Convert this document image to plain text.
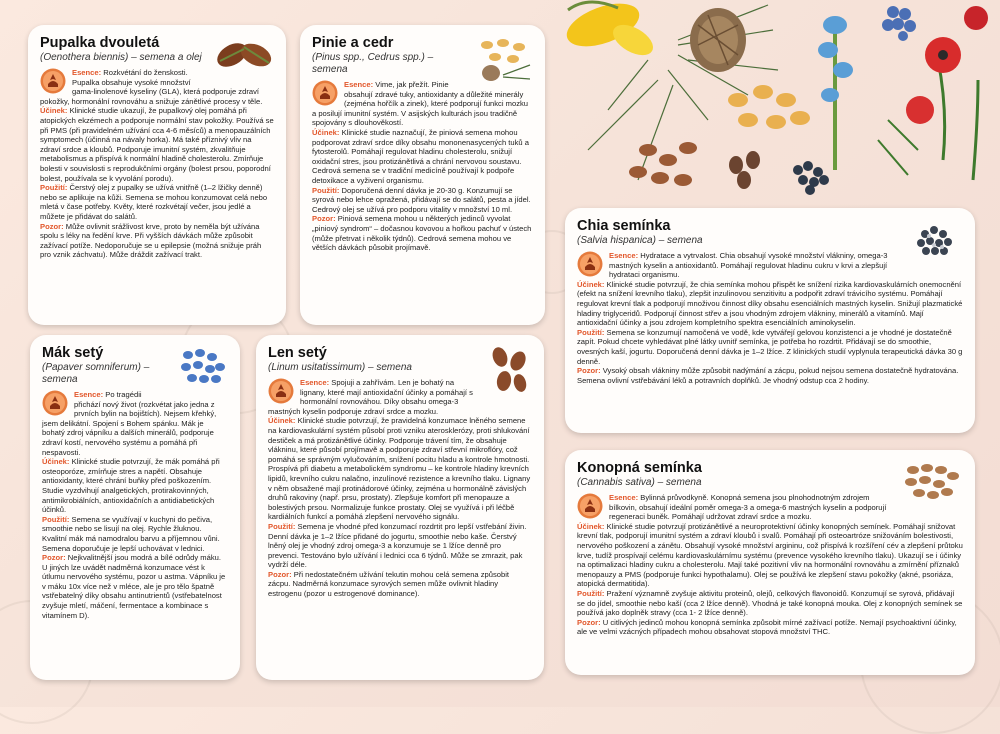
Pupalka dvouletá
(Oenothera biennis) – semena a olej

Esence: Rozkvétání do ženskosti. Pupalka obsahuje vysoké množství gama-linolenové kyseliny (GLA), která podporuje zdraví pokožky, hormonální rovnováhu a snižuje zánětlivé procesy v těle.

Účinek: Klinické studie ukazují, že pupalkový olej pomáhá při atopických ekzémech a podporuje normální stav pokožky. Používá se při PMS (při pravidelném užívání cca 4-6 měsíců) a menopauzálních symptomech (účinná na návaly horka). Má také příznivý vliv na zdraví srdce a kloubů. Podporuje imunitní systém, zkvalitňuje metabolismus a přispívá k normální hladině cholesterolu. Zmírňuje bolesti v souvislosti s reprodukčními orgány (bolest prsou, poporodní bolest, používala se k vyvolání porodu).

Použití: Čerstvý olej z pupalky se užívá vnitřně (1–2 lžičky denně) nebo se aplikuje na kůži. Semena se mohou konzumovat celá nebo mletá v čase potřeby. Květy, které rozkvétají večer, jsou jedlé a můžete je přidávat do salátů.

Pozor: Může ovlivnit srážlivost krve, proto by neměla být užívána spolu s léky na ředění krve. Při vyšších dávkách může způsobit zažívací potíže. Nedoporučuje se u epilepsie (možná snižuje práh pro vznik záchvatu). Může dráždit zažívací trakt.

Pinie a cedr
(Pinus spp., Cedrus spp.) – semena

Esence: Vime, jak přežít. Pinie obsahují zdravé tuky, antioxidanty a důležité minerály (zejména hořčík a zinek), které podporují funkci mozku a posilují imunitní systém. V asijských kulturách jsou tradičně spojovány s dlouhověkostí.

Účinek: Klinické studie naznačují, že piniová semena mohou podporovat zdraví srdce díky obsahu mononenasycených tuků a fytosterolů. Pomáhají regulovat hladinu cholesterolu, snižují oxidační stres, jsou protizánětlivá a chrání nervovou soustavu. Cedrová semena se v tradiční medicíně používají k podpoře detoxikace a vyživení organismu.

Použití: Doporučená denní dávka je 20-30 g. Konzumují se syrová nebo lehce opražená, přidávají se do salátů, pesta a jídel. Cedrový olej se užívá pro podporu vitality v množství 10 ml.

Pozor: Piniová semena mohou u některých jedinců vyvolat „piniový syndrom“ – dočasnou kovovou a hořkou pachuť v ústech (může přetrvat i několik týdnů). Cedrová semena mohou ve větších dávkách působit projímavě.

Chia semínka
(Salvia hispanica) – semena

Esence: Hydratace a vytrvalost. Chia obsahují vysoké množství vlákniny, omega-3 mastných kyselin a antioxidantů. Pomáhají regulovat hladinu cukru v krvi a zlepšují hydrataci organismu.

Účinek: Klinické studie potvrzují, že chia semínka mohou přispět ke snížení rizika kardiovaskulárních onemocnění (efekt na snížení krevního tlaku), zlepšit inzulinovou senzitivitu a podpořit zdraví trávicího systému. Pomáhají regulovat krevní tlak a podporují množivou činnost díky obsahu esenciálních mastných kyselin. Snižují plazmatické hladiny triglyceridů. Podporují činnost střev a jsou vhodným zdrojem vlákniny, minerálů a vitamínů. Mají antioxidační účinky a jsou zdrojem kompletního spektra esenciálních aminokyselin.

Použití: Semena se konzumují namočená ve vodě, kde vytvářejí gelovou konzistenci a je vhodné je dostatečně zapít. Pokud chcete vyhledávat plné látky uvnitř semínka, je potřeba ho rozdrtit. Přidávají se do smoothie, ovesných kaší, jogurtu. Doporučená denní dávka je 1–2 lžíce. Z klinických studií vyplynula terapeutická dávka 30 g denně.

Pozor: Vysoký obsah vlákniny může způsobit nadýmání a zácpu, pokud nejsou semena dostatečně hydratována. Semena ovlivní vstřebávání léků a potravních doplňků. Je vhodný odstup cca 2 hodiny.

Mák setý
(Papaver somniferum) – semena

Esence: Po tragédii přichází nový život (rozkvétat jako jedna z prvních bylin na bojištích). Nejsem křehký, jsem delikátní. Spojení s Bohem spánku. Mák je bohatý zdroj vápníku a dalších minerálů, podporuje zdraví kostí, nervového systému a pomáhá při nespavosti.

Účinek: Klinické studie potvrzují, že mák pomáhá při osteoporóze, zmírňuje stres a napětí. Obsahuje antioxidanty, které chrání buňky před poškozením. Studie vyzdvihují analgetických, protirakovinných, antimikrobiálních, antioxidačních a antidiabetických účinků.

Použití: Semena se využívají v kuchyni do pečiva, smoothie nebo se lisují na olej. Rychle žluknou. Kvalitní mák má namodralou barvu a příjemnou vůni. Semena doporučuje je lepší uchovávat v lednici.

Pozor: Nejkvalitnější jsou modrá a bílé odrůdy máku. U jiných lze uvádět nadměrná konzumace vést k útlumu nervového systému, pozor u astma. Vápníku je v máku 10x více než v mléce, ale je pro tělo špatně vstřebatelný díky obsahu antinutrientů (vstřebatelnost zvyšuje mletí, máčení, fermentace a kombinace s vitamínem D).

Len setý
(Linum usitatissimum) – semena

Esence: Spojuji a zahřívám. Len je bohatý na lignany, které mají antioxidační účinky a pomáhají s hormonální rovnováhou. Díky obsahu omega-3 mastných kyselin podporuje zdraví srdce a mozku.

Účinek: Klinické studie potvrzují, že pravidelná konzumace lněného semene na kardiovaskulární systém působí proti vzniku aterosklerózy, proti shlukování destiček a má protizánětlivé účinky. Podporuje trávení tím, že obsahuje vlákninu, které působí projímavě a podporuje zdraví střevní mikroflóry, což pomáhá se správným vylučováním, snížení pocitu hladu a kontrole hmotnosti. Prospívá při diabetu a metabolickém syndromu – ke kontrole hladiny krevních lipidů, krevního cukru nalačno, inzulínové rezistence a krevního tlaku. Lignany v něm obsažené mají protinádorové účinky, zejména u hormonálně závislých druhů rakoviny (např. prsu, prostaty). Zlepšuje komfort při menopauze a bolestivých prsou. Normalizuje funkce prostaty. Olej se využívá i při léčbě kardiálních funkcí a pomáhá zlepšení nervového signálu.

Použití: Semena je vhodné před konzumací rozdrtit pro lepší vstřebání živin. Denní dávka je 1–2 lžíce přidané do jogurtu, smoothie nebo kaše. Čerstvý lněný olej je vhodný zdroj omega-3 a konzumuje se 1 lžíce denně pro prevenci. Testováno bylo užívání i lednici cca 6 týdnů. Může se zmrazit, pak vydrží déle.

Pozor: Při nedostatečném užívání tekutin mohou celá semena způsobit zácpu. Nadměrná konzumace syrových semen může ovlivnit hladiny estrogenu (pozor u estrogenové dominance).

Konopná semínka
(Cannabis sativa) – semena

Esence: Bylinná průvodkyně. Konopná semena jsou plnohodnotným zdrojem bílkovin, obsahují ideální poměr omega-3 a omega-6 mastných kyselin a podporují regeneraci buněk. Pomáhají udržovat zdraví srdce a mozku.

Účinek: Klinické studie potvrzují protizánětlivé a neuroprotektivní účinky konopných semínek. Pomáhají snižovat krevní tlak, podporují imunitní systém a zdraví kloubů i svalů. Pomáhají při osteoartróze snižováním bolestivosti, nervového poškození a zánětu. Obsahují vysoké množství argininu, což přispívá k rozšíření cév a zlepšení průtoku krve, tudíž prospívají celému kardiovaskulárnímu systému (prevence vysokého krevního tlaku). Ukazují se i účinky na optimalizaci hladiny cukru a cholesterolu. Mají také pozitivní vliv na hormonální rovnováhu a zmírnění příznaků menopauzy a PMS (podporuje funkci hypothalamu). Olej se používá ke zlepšení stavu pokožky (akné, psoriáza, atopická dermatitida).

Použití: Pražení významně zvyšuje aktivitu proteinů, olejů, celkových flavonoidů. Konzumují se syrová, přidávají se do jídel, smoothie nebo kaší (cca 2 lžíce denně). Vhodná je také konopná mouka. Olej z konopných semínek se používá jako doplněk stravy (cca 1- 2 lžíce denně).

Pozor: U citlivých jedinců mohou konopná semínka způsobit mírné zažívací potíže. Nemají psychoaktivní účinky, ale ve velmi vzácných případech mohou obsahovat stopová množství THC.
